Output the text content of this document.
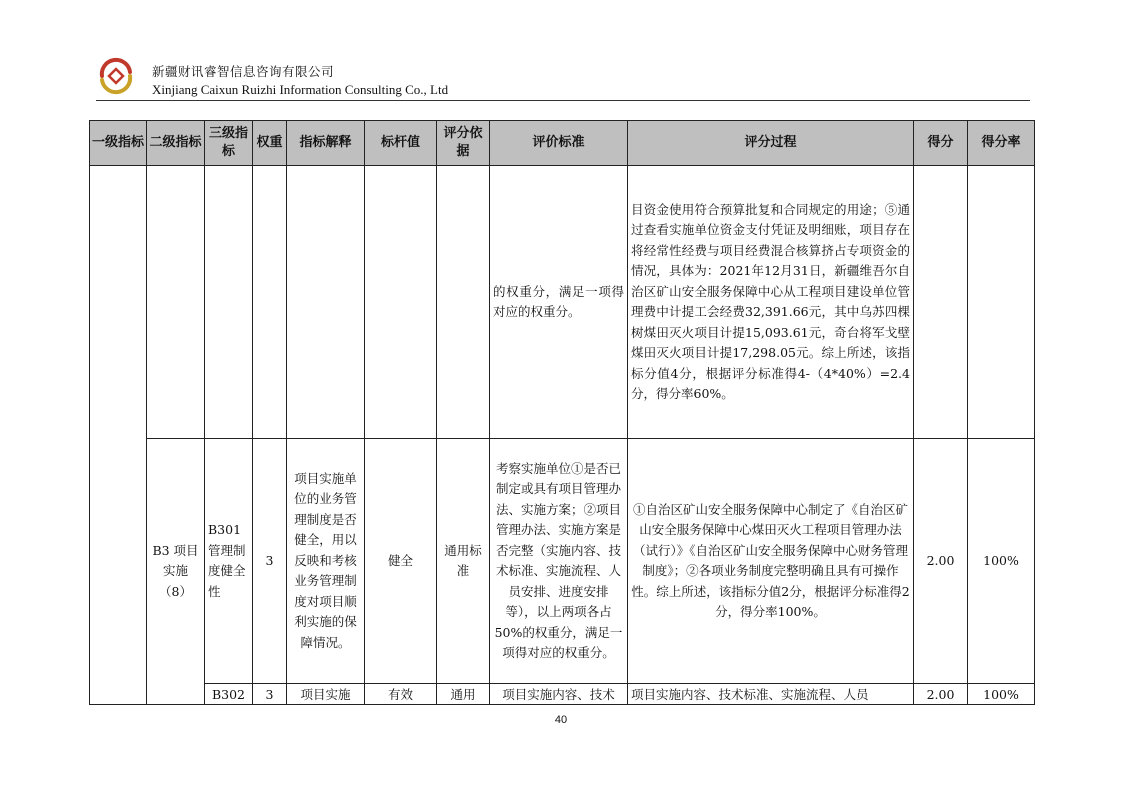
新疆财讯睿智信息咨询有限公司
Xinjiang Caixun Ruizhi Information Consulting Co., Ltd
一级指标	二级指标	三级指标	权重	指标解释	标杆值	评分依据	评价标准	评分过程	得分	得分率
							的权重分，满足一项得对应的权重分。	目资金使用符合预算批复和合同规定的用途；⑤通过查看实施单位资金支付凭证及明细账，项目存在将经常性经费与项目经费混合核算挤占专项资金的情况，具体为：2021年12月31日，新疆维吾尔自治区矿山安全服务保障中心从工程项目建设单位管理费中计提工会经费32,391.66元，其中乌苏四棵树煤田灭火项目计提15,093.61元，奇台将军戈壁煤田灭火项目计提17,298.05元。综上所述，该指标分值4分，根据评分标准得4-（4*40%）=2.4分，得分率60%。		
	B3 项目实施（8）	B301管理制度健全性	3	项目实施单位的业务管理制度是否健全，用以反映和考核业务管理制度对项目顺利实施的保障情况。	健全	通用标准	考察实施单位①是否已制定或具有项目管理办法、实施方案；②项目管理办法、实施方案是否完整（实施内容、技术标准、实施流程、人员安排、进度安排等），以上两项各占50%的权重分，满足一项得对应的权重分。	①自治区矿山安全服务保障中心制定了《自治区矿山安全服务保障中心煤田灭火工程项目管理办法（试行）》《自治区矿山安全服务保障中心财务管理制度》；②各项业务制度完整明确且具有可操作性。综上所述，该指标分值2分，根据评分标准得2分，得分率100%。	2.00	100%
		B302	3	项目实施	有效	通用	项目实施内容、技术	项目实施内容、技术标准、实施流程、人员	2.00	100%
40
